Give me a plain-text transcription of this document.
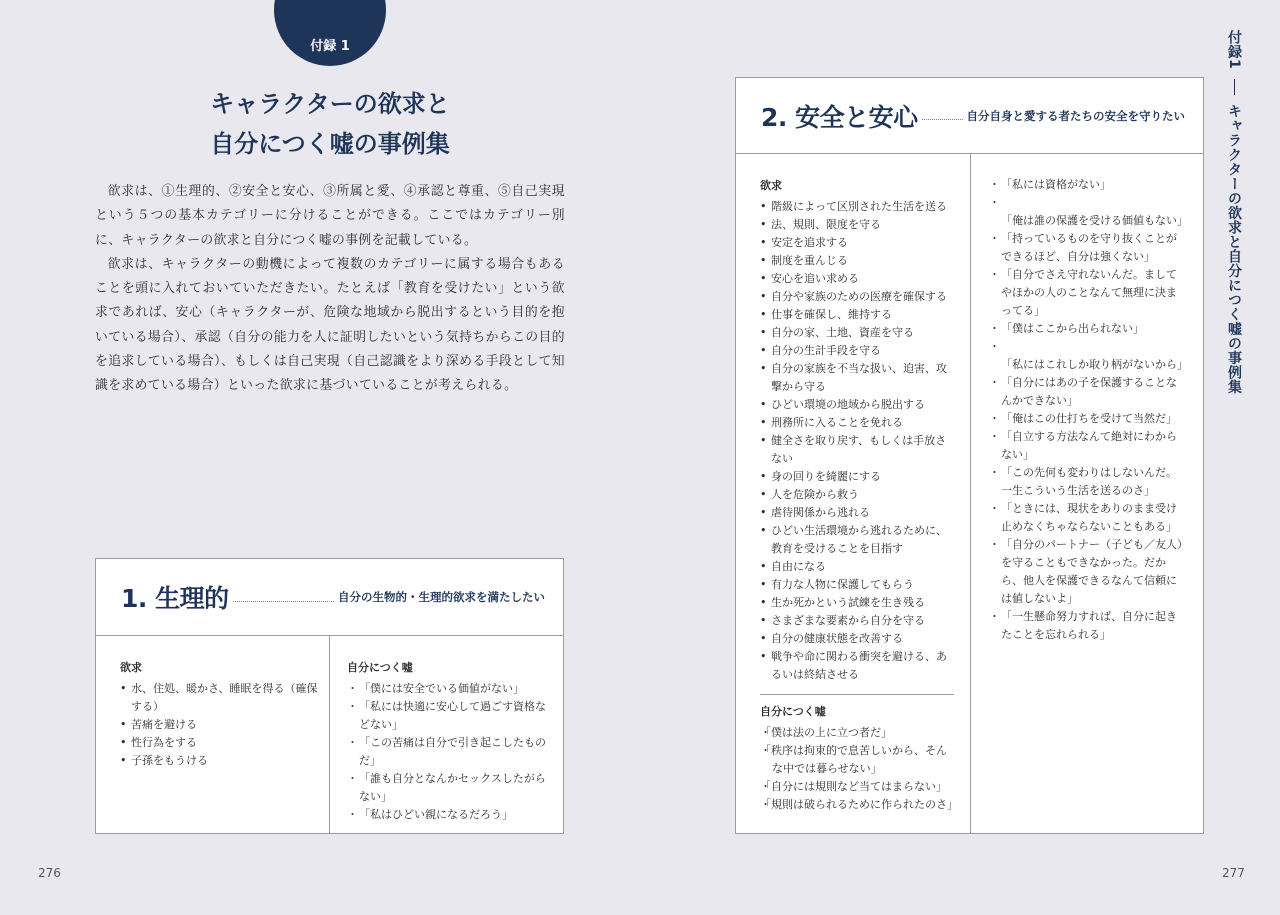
付録 1
キャラクターの欲求と
自分につく嘘の事例集

欲求は、①生理的、②安全と安心、③所属と愛、④承認と尊重、⑤自己実現という５つの基本カテゴリーに分けることができる。ここではカテゴリー別に、キャラクターの欲求と自分につく嘘の事例を記載している。

欲求は、キャラクターの動機によって複数のカテゴリーに属する場合もあることを頭に入れておいていただきたい。たとえば「教育を受けたい」という欲求であれば、安心（キャラクターが、危険な地域から脱出するという目的を抱いている場合）、承認（自分の能力を人に証明したいという気持ちからこの目的を追求している場合）、もしくは自己実現（自己認識をより深める手段として知識を求めている場合）といった欲求に基づいていることが考えられる。

1. 生理的	自分の生物的・生理的欲求を満たしたい
欲求
• 水、住処、暖かさ、睡眠を得る（確保する）
• 苦痛を避ける
• 性行為をする
• 子孫をもうける
自分につく嘘
・ 「僕には安全でいる価値がない」
・ 「私には快適に安心して過ごす資格などない」
・ 「この苦痛は自分で引き起こしたものだ」
・ 「誰も自分となんかセックスしたがらない」
・ 「私はひどい親になるだろう」
276
2. 安全と安心	自分自身と愛する者たちの安全を守りたい
欲求
• 階級によって区別された生活を送る
• 法、規則、限度を守る
• 安定を追求する
• 制度を重んじる
• 安心を追い求める
• 自分や家族のための医療を確保する
• 仕事を確保し、維持する
• 自分の家、土地、資産を守る
• 自分の生計手段を守る
• 自分の家族を不当な扱い、迫害、攻撃から守る
• ひどい環境の地域から脱出する
• 刑務所に入ることを免れる
• 健全さを取り戻す、もしくは手放さない
• 身の回りを綺麗にする
• 人を危険から救う
• 虐待関係から逃れる
• ひどい生活環境から逃れるために、教育を受けることを目指す
• 自由になる
• 有力な人物に保護してもらう
• 生か死かという試練を生き残る
• さまざまな要素から自分を守る
• 自分の健康状態を改善する
• 戦争や命に関わる衝突を避ける、あるいは終結させる
自分につく嘘
・ 「僕は法の上に立つ者だ」
・ 「秩序は拘束的で息苦しいから、そんな中では暮らせない」
・ 「自分には規則など当てはまらない」
・ 「規則は破られるために作られたのさ」
・ 「私には資格がない」
・ 「俺は誰の保護を受ける価値もない」
・ 「持っているものを守り抜くことができるほど、自分は強くない」
・ 「自分でさえ守れないんだ。ましてやほかの人のことなんて無理に決まってる」
・ 「僕はここから出られない」
・ 「私にはこれしか取り柄がないから」
・ 「自分にはあの子を保護することなんかできない」
・ 「俺はこの仕打ちを受けて当然だ」
・ 「自立する方法なんて絶対にわからない」
・ 「この先何も変わりはしないんだ。一生こういう生活を送るのさ」
・ 「ときには、現状をありのまま受け止めなくちゃならないこともある」
・ 「自分のパートナー（子ども／友人）を守ることもできなかった。だから、他人を保護できるなんて信頼には値しないよ」
・ 「一生懸命努力すれば、自分に起きたことを忘れられる」
付録1  キャラクターの欲求と自分につく嘘の事例集
277
